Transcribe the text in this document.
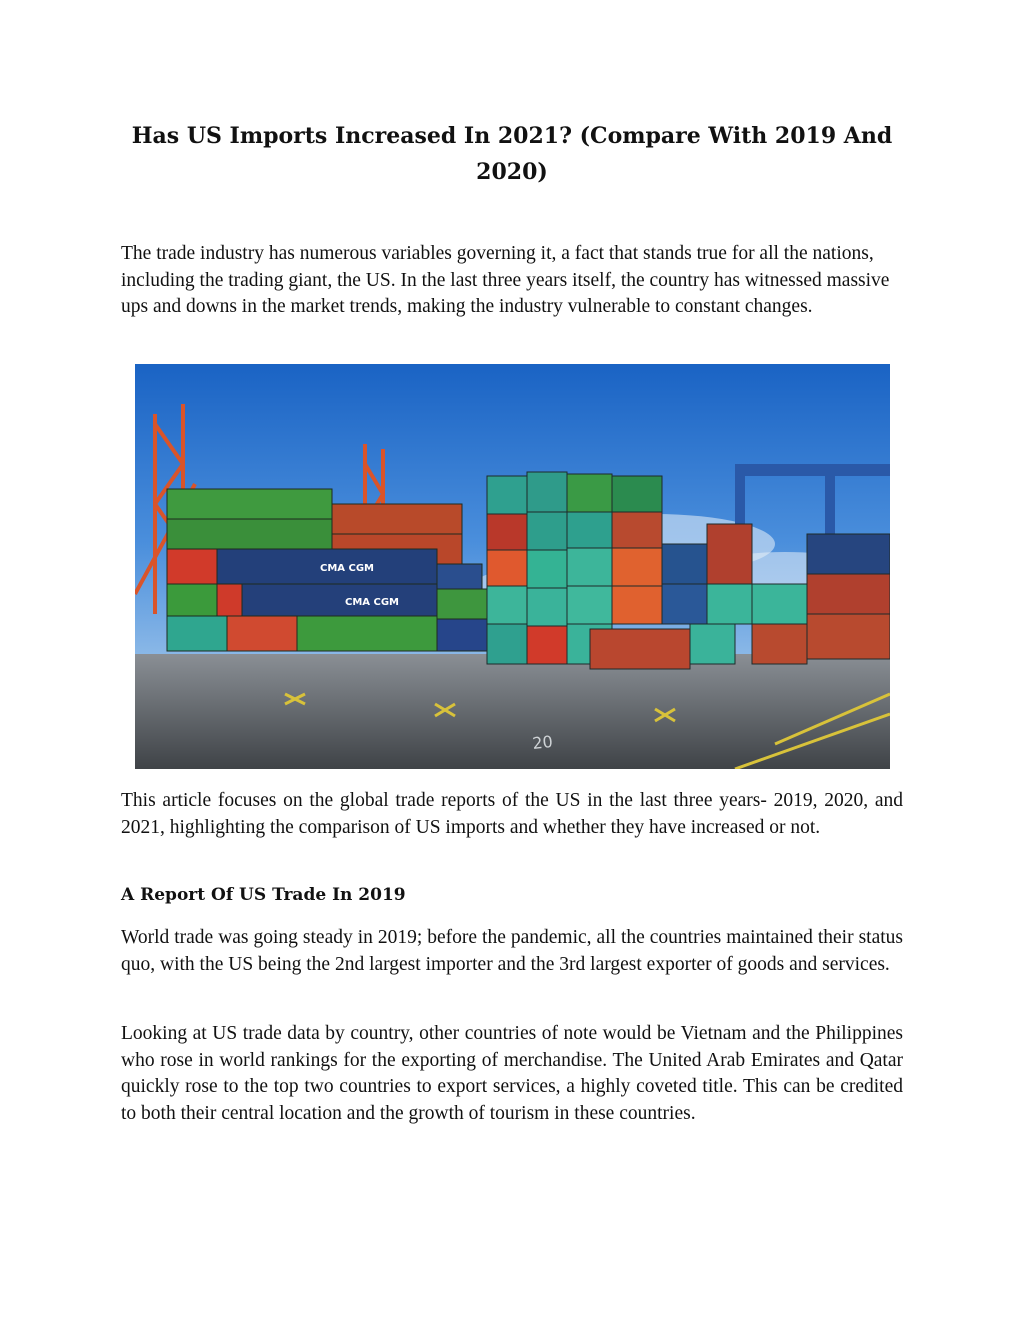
Has US Imports Increased In 2021? (Compare With 2019 And 2020)

The trade industry has numerous variables governing it, a fact that stands true for all the nations, including the trading giant, the US. In the last three years itself, the country has witnessed massive ups and downs in the market trends, making the industry vulnerable to constant changes.

CMA CGM
CMA CGM
20

This article focuses on the global trade reports of the US in the last three years- 2019, 2020, and 2021, highlighting the comparison of US imports and whether they have increased or not.

A Report Of US Trade In 2019

World trade was going steady in 2019; before the pandemic, all the countries maintained their status quo, with the US being the 2nd largest importer and the 3rd largest exporter of goods and services.

Looking at US trade data by country, other countries of note would be Vietnam and the Philippines who rose in world rankings for the exporting of merchandise. The United Arab Emirates and Qatar quickly rose to the top two countries to export services, a highly coveted title. This can be credited to both their central location and the growth of tourism in these countries.
